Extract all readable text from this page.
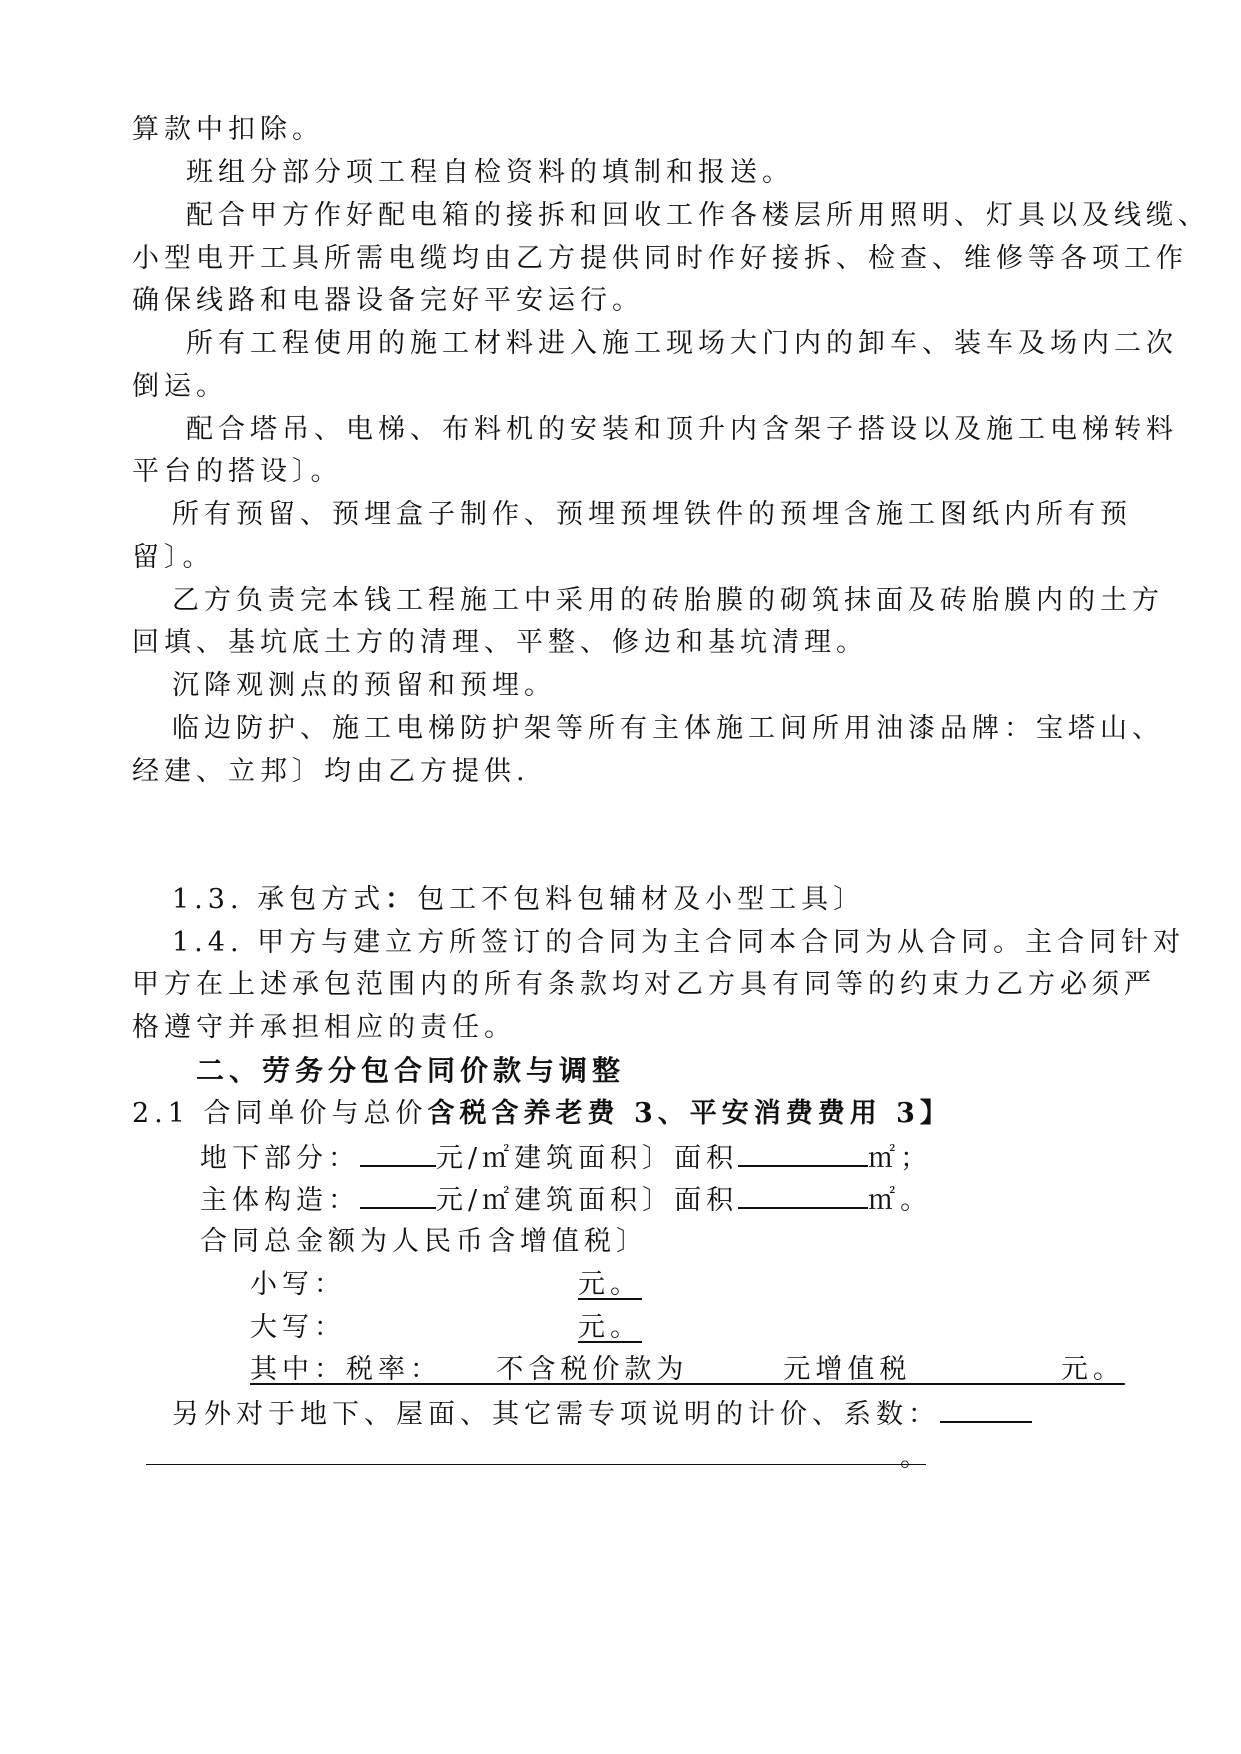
算款中扣除。
班组分部分项工程自检资料的填制和报送。
配合甲方作好配电箱的接拆和回收工作各楼层所用照明、灯具以及线缆、
小型电开工具所需电缆均由乙方提供同时作好接拆、检查、维修等各项工作
确保线路和电器设备完好平安运行。
所有工程使用的施工材料进入施工现场大门内的卸车、装车及场内二次
倒运。
配合塔吊、电梯、布料机的安装和顶升内含架子搭设以及施工电梯转料
平台的搭设〕。
所有预留、预埋盒子制作、预埋预埋铁件的预埋含施工图纸内所有预
留〕。
乙方负责完本钱工程施工中采用的砖胎膜的砌筑抹面及砖胎膜内的土方
回填、基坑底土方的清理、平整、修边和基坑清理。
沉降观测点的预留和预埋。
临边防护、施工电梯防护架等所有主体施工间所用油漆品牌：宝塔山、
经建、立邦〕均由乙方提供.
1.3. 承包方式：包工不包料包辅材及小型工具〕
1.4. 甲方与建立方所签订的合同为主合同本合同为从合同。主合同针对
甲方在上述承包范围内的所有条款均对乙方具有同等的约束力乙方必须严
格遵守并承担相应的责任。
二、劳务分包合同价款与调整
2.1 合同单价与总价含税含养老费 3、平安消费费用 3】
地下部分：	元/㎡建筑面积〕面积	㎡；
主体构造：	元/㎡建筑面积〕面积	㎡。
合同总金额为人民币含增值税〕
小写：	元。
大写：	元。
其中：税率：    不含税价款为       元增值税           元。
另外对于地下、屋面、其它需专项说明的计价、系数：
。
